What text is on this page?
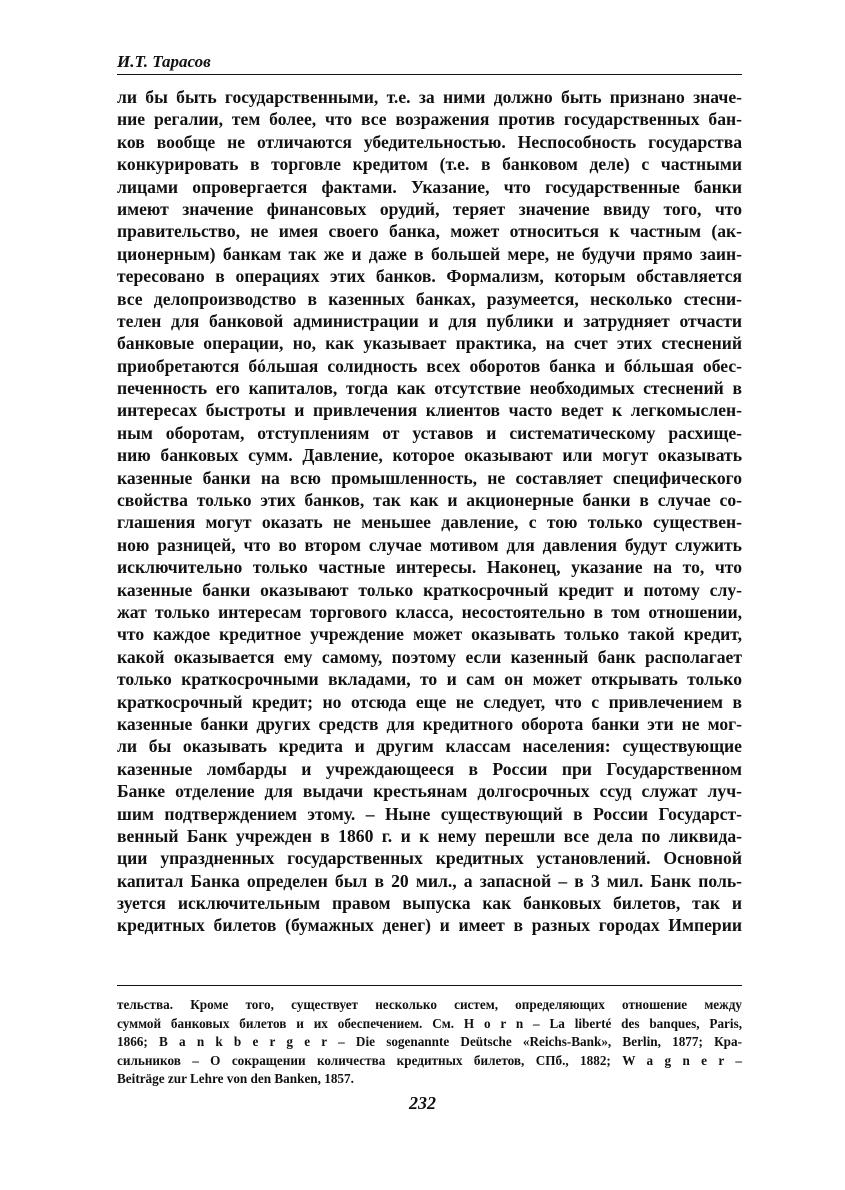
И.Т. Тарасов
ли бы быть государственными, т.е. за ними должно быть признано значе-
ние регалии, тем более, что все возражения против государственных бан-
ков вообще не отличаются убедительностью. Неспособность государства
конкурировать в торговле кредитом (т.е. в банковом деле) с частными
лицами опровергается фактами. Указание, что государственные банки
имеют значение финансовых орудий, теряет значение ввиду того, что
правительство, не имея своего банка, может относиться к частным (ак-
ционерным) банкам так же и даже в большей мере, не будучи прямо заин-
тересовано в операциях этих банков. Формализм, которым обставляется
все делопроизводство в казенных банках, разумеется, несколько стесни-
телен для банковой администрации и для публики и затрудняет отчасти
банковые операции, но, как указывает практика, на счет этих стеснений
приобретаются бóльшая солидность всех оборотов банка и бóльшая обес-
печенность его капиталов, тогда как отсутствие необходимых стеснений в
интересах быстроты и привлечения клиентов часто ведет к легкомыслен-
ным оборотам, отступлениям от уставов и систематическому расхище-
нию банковых сумм. Давление, которое оказывают или могут оказывать
казенные банки на всю промышленность, не составляет специфического
свойства только этих банков, так как и акционерные банки в случае со-
глашения могут оказать не меньшее давление, с тою только существен-
ною разницей, что во втором случае мотивом для давления будут служить
исключительно только частные интересы. Наконец, указание на то, что
казенные банки оказывают только краткосрочный кредит и потому слу-
жат только интересам торгового класса, несостоятельно в том отношении,
что каждое кредитное учреждение может оказывать только такой кредит,
какой оказывается ему самому, поэтому если казенный банк располагает
только краткосрочными вкладами, то и сам он может открывать только
краткосрочный кредит; но отсюда еще не следует, что с привлечением в
казенные банки других средств для кредитного оборота банки эти не мог-
ли бы оказывать кредита и другим классам населения: существующие
казенные ломбарды и учреждающееся в России при Государственном
Банке отделение для выдачи крестьянам долгосрочных ссуд служат луч-
шим подтверждением этому. – Ныне существующий в России Государст-
венный Банк учрежден в 1860 г. и к нему перешли все дела по ликвида-
ции упраздненных государственных кредитных установлений. Основной
капитал Банка определен был в 20 мил., а запасной – в 3 мил. Банк поль-
зуется исключительным правом выпуска как банковых билетов, так и
кредитных билетов (бумажных денег) и имеет в разных городах Империи
тельства. Кроме того, существует несколько систем, определяющих отношение между
суммой банковых билетов и их обеспечением. См. H o r n – La liberté des banques, Paris,
1866; B a n k b e r g e r – Die sogenannte Deütsche «Reichs-Bank», Berlin, 1877; Кра-
сильников – О сокращении количества кредитных билетов, СПб., 1882; W a g n e r –
Beiträge zur Lehre von den Banken, 1857.
232
